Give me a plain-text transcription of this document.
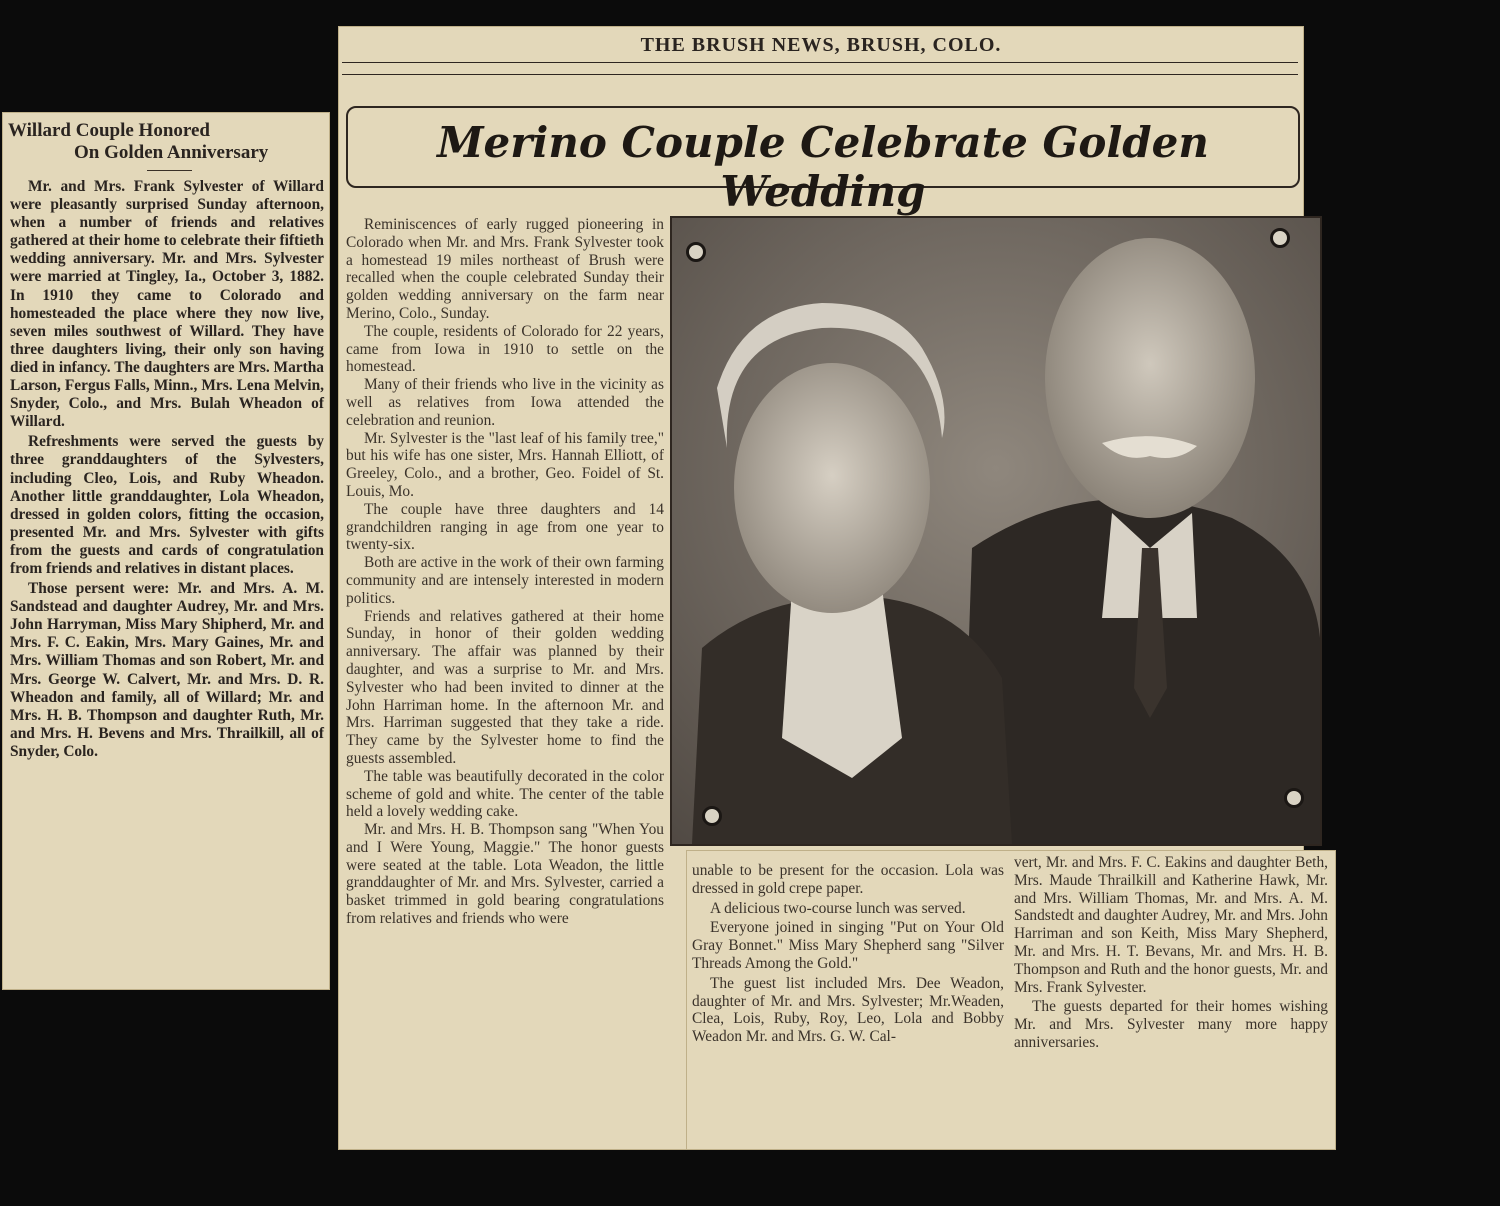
Willard Couple Honored
On Golden Anniversary

Mr. and Mrs. Frank Sylvester of Willard were pleasantly surprised Sunday afternoon, when a number of friends and relatives gathered at their home to celebrate their fiftieth wedding anniversary. Mr. and Mrs. Sylvester were married at Tingley, Ia., October 3, 1882. In 1910 they came to Colorado and homesteaded the place where they now live, seven miles southwest of Willard. They have three daughters living, their only son having died in infancy. The daughters are Mrs. Martha Larson, Fergus Falls, Minn., Mrs. Lena Melvin, Snyder, Colo., and Mrs. Bulah Wheadon of Willard.

Refreshments were served the guests by three granddaughters of the Sylvesters, including Cleo, Lois, and Ruby Wheadon. Another little granddaughter, Lola Wheadon, dressed in golden colors, fitting the occasion, presented Mr. and Mrs. Sylvester with gifts from the guests and cards of congratulation from friends and relatives in distant places.

Those persent were: Mr. and Mrs. A. M. Sandstead and daughter Audrey, Mr. and Mrs. John Harryman, Miss Mary Shipherd, Mr. and Mrs. F. C. Eakin, Mrs. Mary Gaines, Mr. and Mrs. William Thomas and son Robert, Mr. and Mrs. George W. Calvert, Mr. and Mrs. D. R. Wheadon and family, all of Willard; Mr. and Mrs. H. B. Thompson and daughter Ruth, Mr. and Mrs. H. Bevens and Mrs. Thrailkill, all of Snyder, Colo.

THE BRUSH NEWS, BRUSH, COLO.
Merino Couple Celebrate Golden Wedding

Reminiscences of early rugged pioneering in Colorado when Mr. and Mrs. Frank Sylvester took a homestead 19 miles northeast of Brush were recalled when the couple celebrated Sunday their golden wedding anniversary on the farm near Merino, Colo., Sunday.

The couple, residents of Colorado for 22 years, came from Iowa in 1910 to settle on the homestead.

Many of their friends who live in the vicinity as well as relatives from Iowa attended the celebration and reunion.

Mr. Sylvester is the "last leaf of his family tree," but his wife has one sister, Mrs. Hannah Elliott, of Greeley, Colo., and a brother, Geo. Foidel of St. Louis, Mo.

The couple have three daughters and 14 grandchildren ranging in age from one year to twenty-six.

Both are active in the work of their own farming community and are intensely interested in modern politics.

Friends and relatives gathered at their home Sunday, in honor of their golden wedding anniversary. The affair was planned by their daughter, and was a surprise to Mr. and Mrs. Sylvester who had been invited to dinner at the John Harriman home. In the afternoon Mr. and Mrs. Harriman suggested that they take a ride. They came by the Sylvester home to find the guests assembled.

The table was beautifully decorated in the color scheme of gold and white. The center of the table held a lovely wedding cake.

Mr. and Mrs. H. B. Thompson sang "When You and I Were Young, Maggie." The honor guests were seated at the table. Lota Weadon, the little granddaughter of Mr. and Mrs. Sylvester, carried a basket trimmed in gold bearing congratulations from relatives and friends who were

unable to be present for the occasion. Lola was dressed in gold crepe paper.

A delicious two-course lunch was served.

Everyone joined in singing "Put on Your Old Gray Bonnet." Miss Mary Shepherd sang "Silver Threads Among the Gold."

The guest list included Mrs. Dee Weadon, daughter of Mr. and Mrs. Sylvester; Mr.Weaden, Clea, Lois, Ruby, Roy, Leo, Lola and Bobby Weadon Mr. and Mrs. G. W. Cal-

vert, Mr. and Mrs. F. C. Eakins and daughter Beth, Mrs. Maude Thrailkill and Katherine Hawk, Mr. and Mrs. William Thomas, Mr. and Mrs. A. M. Sandstedt and daughter Audrey, Mr. and Mrs. John Harriman and son Keith, Miss Mary Shepherd, Mr. and Mrs. H. T. Bevans, Mr. and Mrs. H. B. Thompson and Ruth and the honor guests, Mr. and Mrs. Frank Sylvester.

The guests departed for their homes wishing Mr. and Mrs. Sylvester many more happy anniversaries.
